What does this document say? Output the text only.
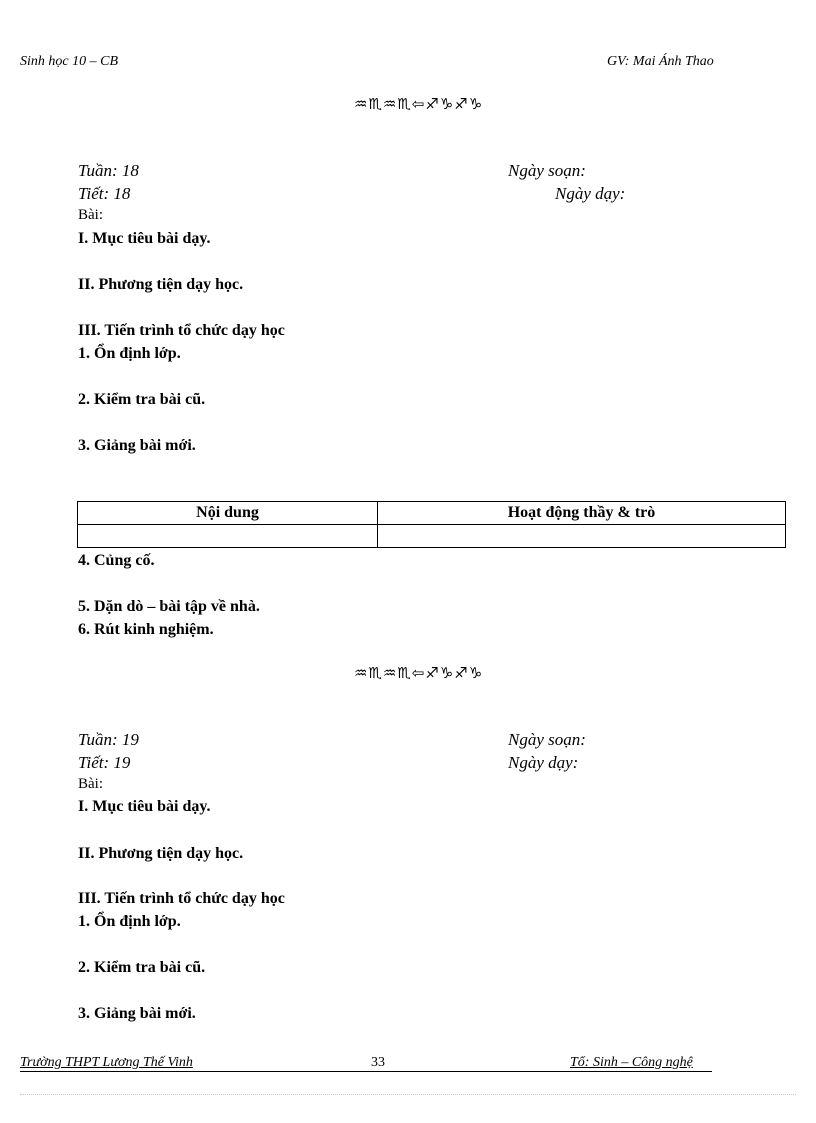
Sinh học 10 – CB	GV: Mai Ánh Thao
♒♏♒♏⇦♐♑♐♑
Tuần: 18	Ngày soạn:
Tiết: 18	Ngày dạy:
Bài:
I. Mục tiêu bài dạy.
II. Phương tiện dạy học.
III. Tiến trình tổ chức dạy học
1. Ổn định lớp.
2. Kiểm tra bài cũ.
3. Giảng bài mới.
Nội dung	Hoạt động thầy & trò

4. Củng cố.
5. Dặn dò – bài tập về nhà.
6. Rút kinh nghiệm.
♒♏♒♏⇦♐♑♐♑
Tuần: 19	Ngày soạn:
Tiết: 19	Ngày dạy:
Bài:
I. Mục tiêu bài dạy.
II. Phương tiện dạy học.
III. Tiến trình tổ chức dạy học
1. Ổn định lớp.
2. Kiểm tra bài cũ.
3. Giảng bài mới.
Trường THPT Lương Thế Vinh	33	Tổ: Sinh – Công nghệ
